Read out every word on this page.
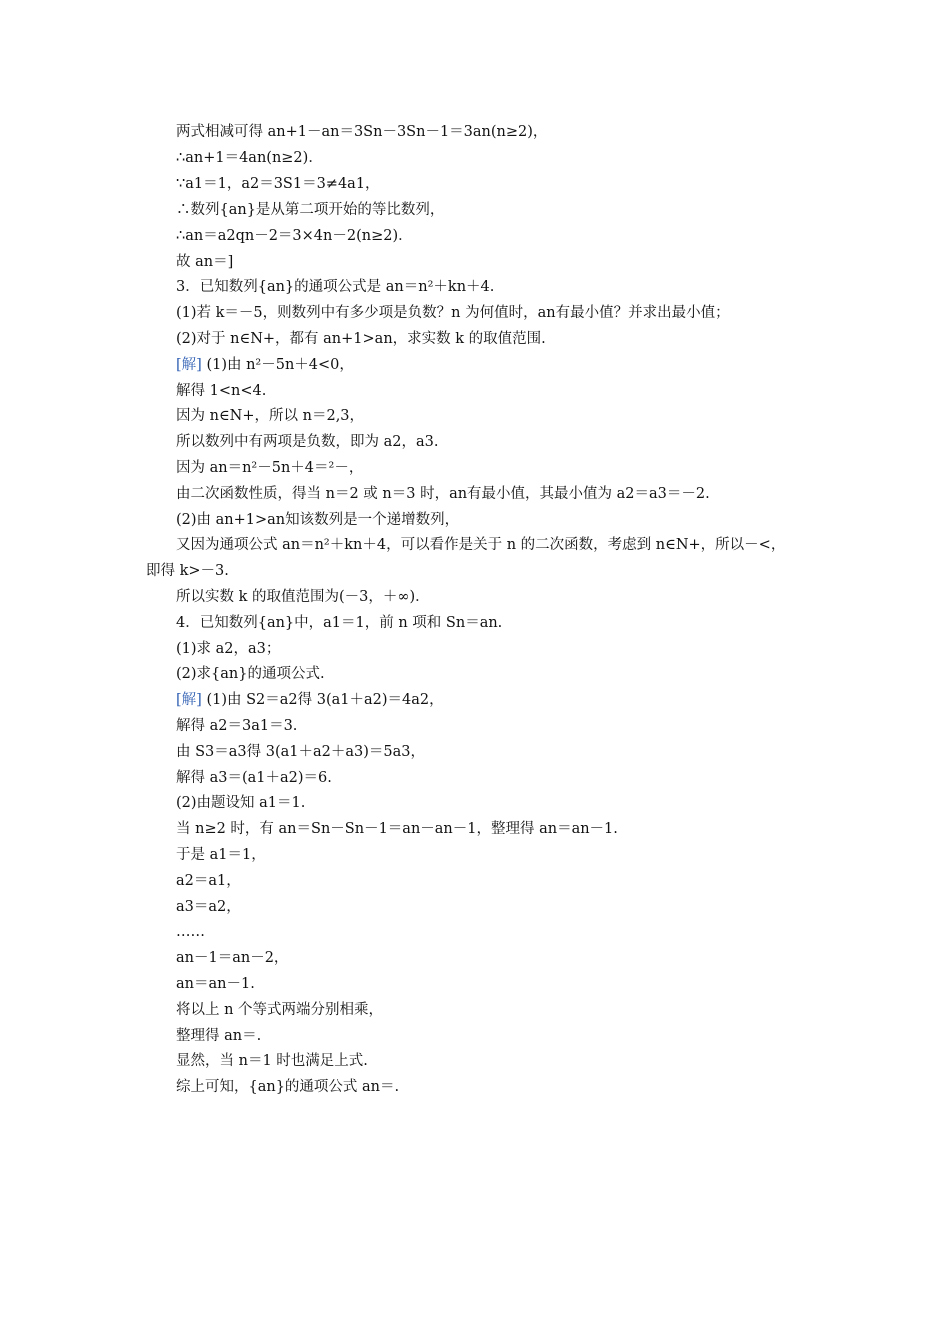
两式相减可得 an+1－an＝3Sn－3Sn－1＝3an(n≥2)，
∴an+1＝4an(n≥2)．
∵a1＝1，a2＝3S1＝3≠4a1，
∴数列{an}是从第二项开始的等比数列，
∴an＝a2qn－2＝3×4n－2(n≥2)．
故 an＝]
3．已知数列{an}的通项公式是 an＝n²＋kn＋4.
(1)若 k＝－5，则数列中有多少项是负数？n 为何值时，an有最小值？并求出最小值；
(2)对于 n∈N+，都有 an+1>an，求实数 k 的取值范围.
[解] (1)由 n²－5n＋4<0，
解得 1<n<4.
因为 n∈N+，所以 n＝2,3，
所以数列中有两项是负数，即为 a2，a3.
因为 an＝n²－5n＋4＝²－，
由二次函数性质，得当 n＝2 或 n＝3 时，an有最小值，其最小值为 a2＝a3＝－2.
(2)由 an+1>an知该数列是一个递增数列，
又因为通项公式 an＝n²＋kn＋4，可以看作是关于 n 的二次函数，考虑到 n∈N+，所以－<，
即得 k>－3.
所以实数 k 的取值范围为(－3，＋∞)．
4．已知数列{an}中，a1＝1，前 n 项和 Sn＝an.
(1)求 a2，a3；
(2)求{an}的通项公式.
[解] (1)由 S2＝a2得 3(a1＋a2)＝4a2，
解得 a2＝3a1＝3.
由 S3＝a3得 3(a1＋a2＋a3)＝5a3，
解得 a3＝(a1＋a2)＝6.
(2)由题设知 a1＝1.
当 n≥2 时，有 an＝Sn－Sn－1＝an－an－1，整理得 an＝an－1.
于是 a1＝1，
a2＝a1，
a3＝a2，
……
an－1＝an－2，
an＝an－1.
将以上 n 个等式两端分别相乘，
整理得 an＝.
显然，当 n＝1 时也满足上式.
综上可知，{an}的通项公式 an＝.
